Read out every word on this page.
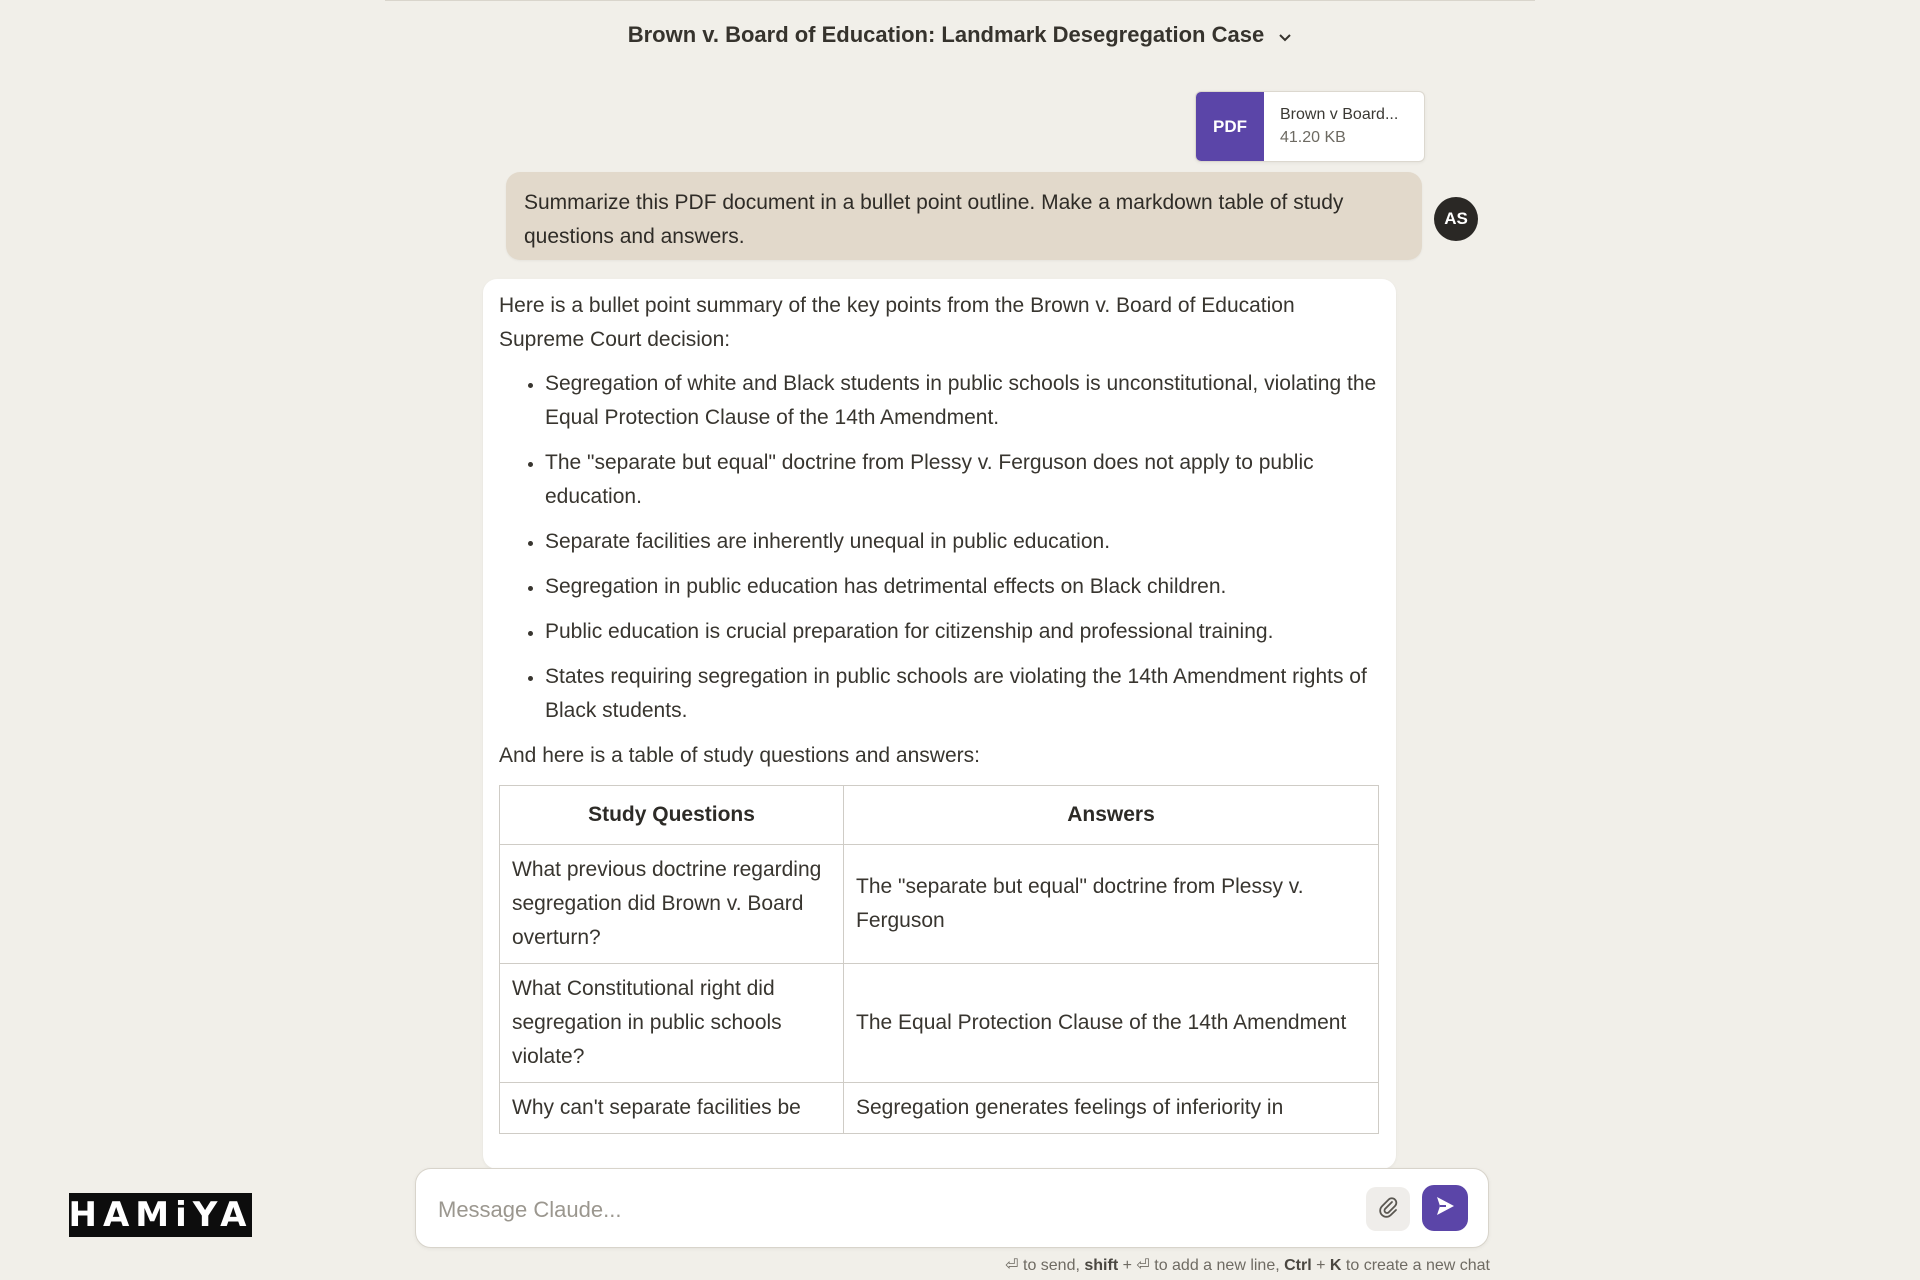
Brown v. Board of Education: Landmark Desegregation Case
PDF
Brown v Board...
41.20 KB
Summarize this PDF document in a bullet point outline. Make a markdown table of study questions and answers.
AS

Here is a bullet point summary of the key points from the Brown v. Board of Education Supreme Court decision:

• Segregation of white and Black students in public schools is unconstitutional, violating the Equal Protection Clause of the 14th Amendment.
• The "separate but equal" doctrine from Plessy v. Ferguson does not apply to public education.
• Separate facilities are inherently unequal in public education.
• Segregation in public education has detrimental effects on Black children.
• Public education is crucial preparation for citizenship and professional training.
• States requiring segregation in public schools are violating the 14th Amendment rights of Black students.

And here is a table of study questions and answers:

Study Questions	Answers
What previous doctrine regarding segregation did Brown v. Board overturn?	The "separate but equal" doctrine from Plessy v. Ferguson
What Constitutional right did segregation in public schools violate?	The Equal Protection Clause of the 14th Amendment
Why can't separate facilities be	Segregation generates feelings of inferiority in
Message Claude...
⏎ to send, shift + ⏎ to add a new line, Ctrl + K to create a new chat
HAMiYA
